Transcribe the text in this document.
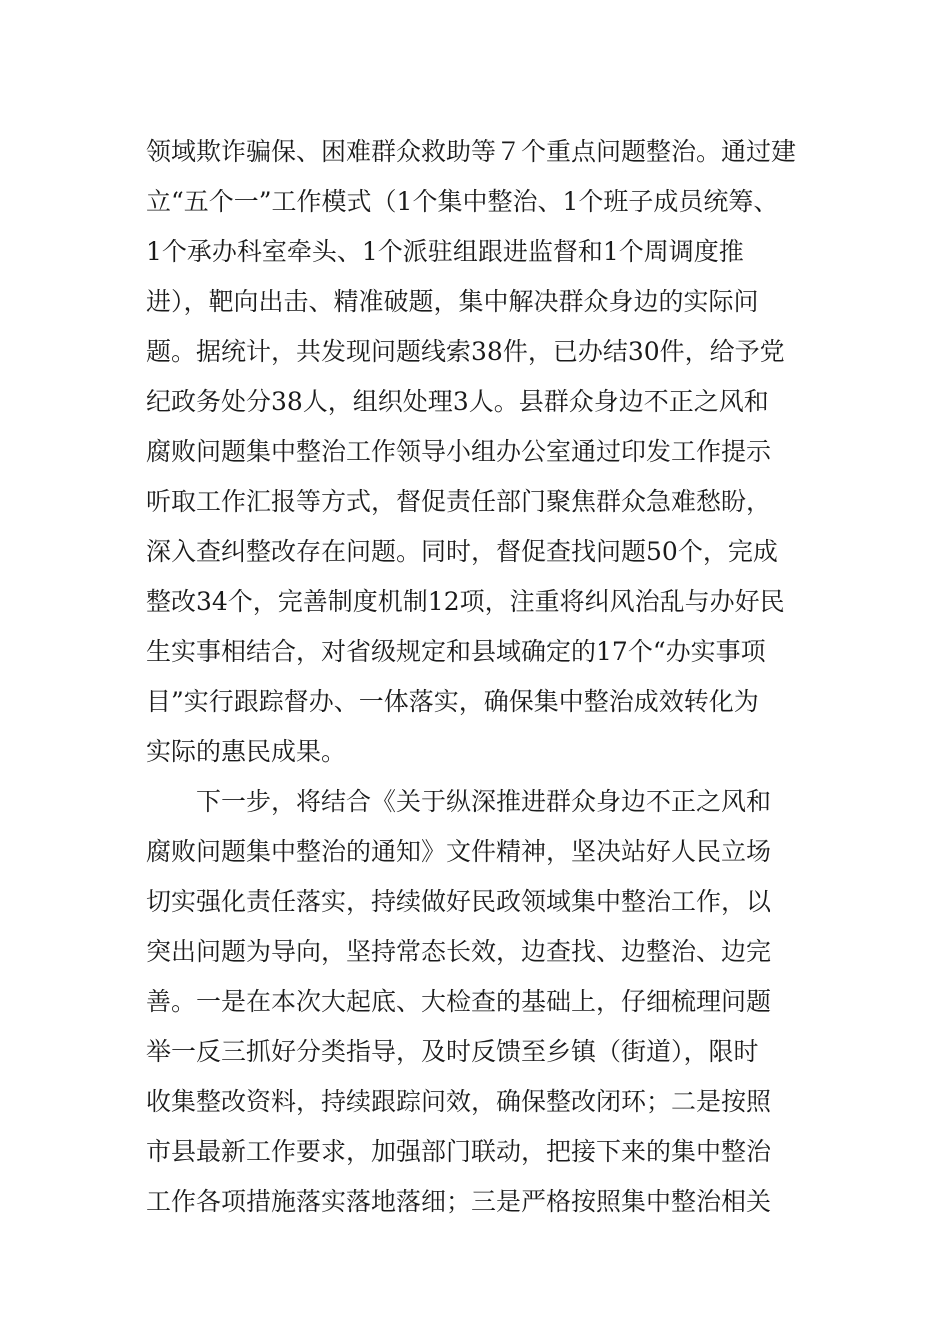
领域欺诈骗保、困难群众救助等７个重点问题整治。通过建
立“五个一”工作模式（1个集中整治、1个班子成员统筹、
1个承办科室牵头、1个派驻组跟进监督和1个周调度推
进），靶向出击、精准破题，集中解决群众身边的实际问
题。据统计，共发现问题线索38件，已办结30件，给予党
纪政务处分38人，组织处理3人。县群众身边不正之风和
腐败问题集中整治工作领导小组办公室通过印发工作提示
听取工作汇报等方式，督促责任部门聚焦群众急难愁盼，
深入查纠整改存在问题。同时，督促查找问题50个，完成
整改34个，完善制度机制12项，注重将纠风治乱与办好民
生实事相结合，对省级规定和县域确定的17个“办实事项
目”实行跟踪督办、一体落实，确保集中整治成效转化为
实际的惠民成果。
下一步，将结合《关于纵深推进群众身边不正之风和
腐败问题集中整治的通知》文件精神，坚决站好人民立场
切实强化责任落实，持续做好民政领域集中整治工作，以
突出问题为导向，坚持常态长效，边查找、边整治、边完
善。一是在本次大起底、大检查的基础上，仔细梳理问题
举一反三抓好分类指导，及时反馈至乡镇（街道），限时
收集整改资料，持续跟踪问效，确保整改闭环；二是按照
市县最新工作要求，加强部门联动，把接下来的集中整治
工作各项措施落实落地落细；三是严格按照集中整治相关
